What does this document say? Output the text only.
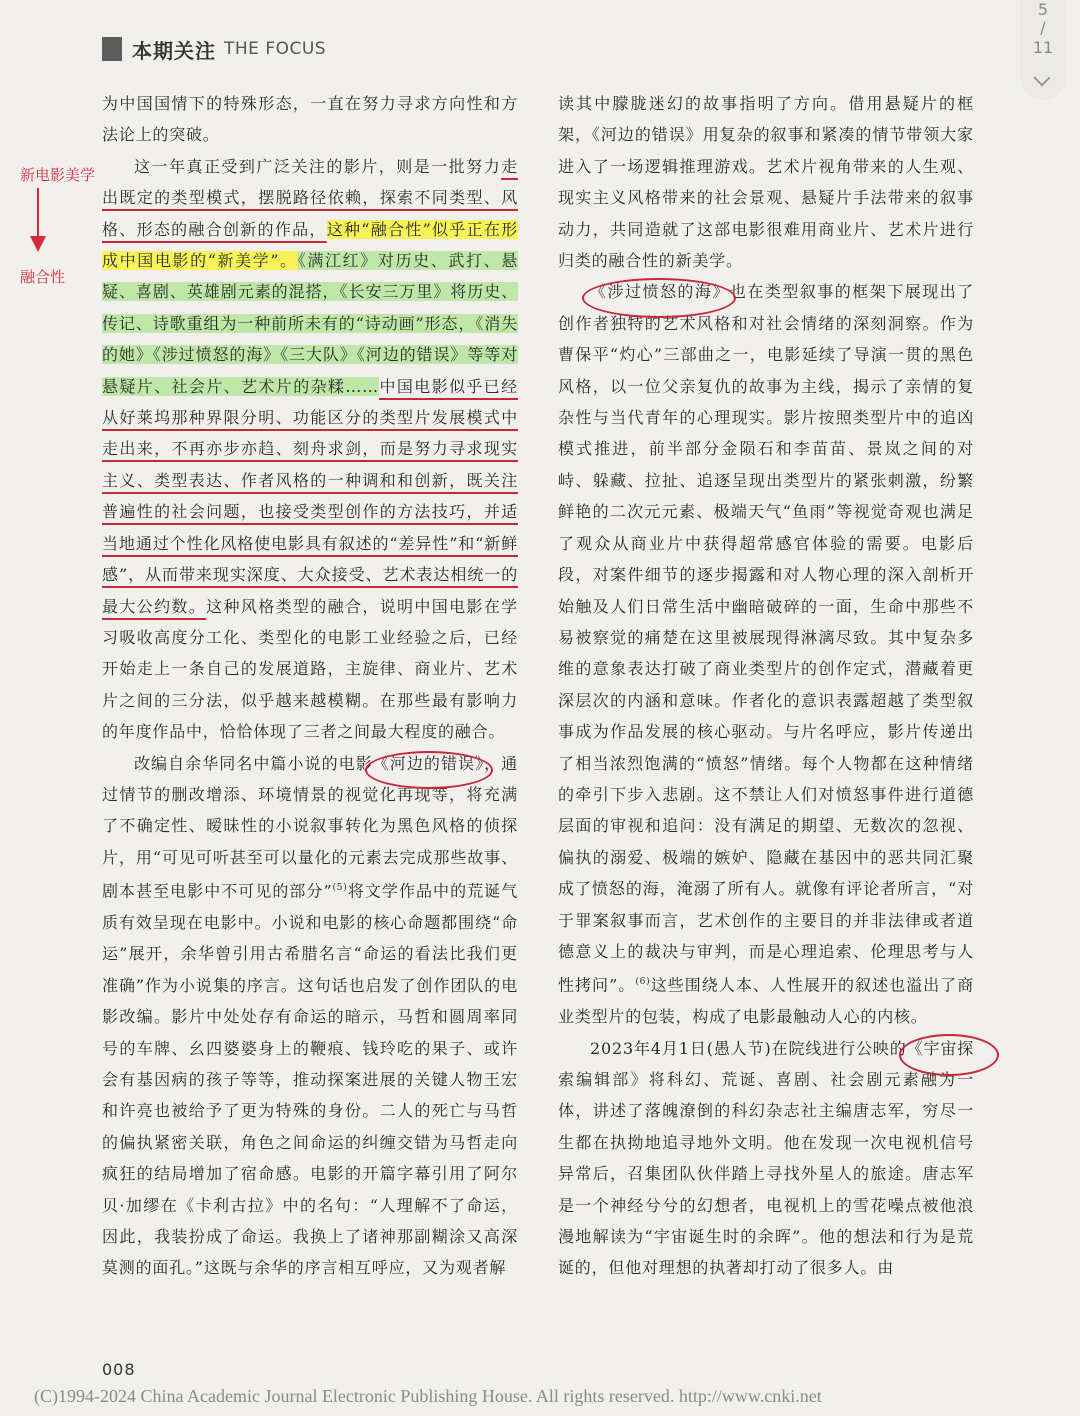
本期关注 THE FOCUS
5
/
11
新电影美学
融合性

为中国国情下的特殊形态，一直在努力寻求方向性和方法论上的突破。

这一年真正受到广泛关注的影片，则是一批努力走出既定的类型模式，摆脱路径依赖，探索不同类型、风格、形态的融合创新的作品，这种“融合性”似乎正在形成中国电影的“新美学”。《满江红》对历史、武打、悬疑、喜剧、英雄剧元素的混搭，《长安三万里》将历史、传记、诗歌重组为一种前所未有的“诗动画”形态，《消失的她》《涉过愤怒的海》《三大队》《河边的错误》等等对悬疑片、社会片、艺术片的杂糅……中国电影似乎已经从好莱坞那种界限分明、功能区分的类型片发展模式中走出来，不再亦步亦趋、刻舟求剑，而是努力寻求现实主义、类型表达、作者风格的一种调和和创新，既关注普遍性的社会问题，也接受类型创作的方法技巧，并适当地通过个性化风格使电影具有叙述的“差异性”和“新鲜感”，从而带来现实深度、大众接受、艺术表达相统一的最大公约数。这种风格类型的融合，说明中国电影在学习吸收高度分工化、类型化的电影工业经验之后，已经开始走上一条自己的发展道路，主旋律、商业片、艺术片之间的三分法，似乎越来越模糊。在那些最有影响力的年度作品中，恰恰体现了三者之间最大程度的融合。

改编自余华同名中篇小说的电影《河边的错误》
，通过情节的删改增添、环境情景的视觉化再现等，将充满了不确定性、暧昧性的小说叙事转化为黑色风格的侦探片，用“可见可听甚至可以量化的元素去完成那些故事、剧本甚至电影中不可见的部分”$^{(5)}$将文学作品中的荒诞气质有效呈现在电影中。小说和电影的核心命题都围绕“命运”展开，余华曾引用古希腊名言“命运的看法比我们更准确”作为小说集的序言。这句话也启发了创作团队的电影改编。影片中处处存有命运的暗示，马哲和圆周率同号的车牌、幺四婆婆身上的鞭痕、钱玲吃的果子、或许会有基因病的孩子等等，推动探案进展的关键人物王宏和许亮也被给予了更为特殊的身份。二人的死亡与马哲的偏执紧密关联，角色之间命运的纠缠交错为马哲走向疯狂的结局增加了宿命感。电影的开篇字幕引用了阿尔贝·加缪在《卡利古拉》中的名句：“人理解不了命运，因此，我装扮成了命运。我换上了诸神那副糊涂又高深莫测的面孔。”这既与余华的序言相互呼应，又为观者解

读其中朦胧迷幻的故事指明了方向。借用悬疑片的框架，《河边的错误》用复杂的叙事和紧凑的情节带领大家进入了一场逻辑推理游戏。艺术片视角带来的人生观、现实主义风格带来的社会景观、悬疑片手法带来的叙事动力，共同造就了这部电影很难用商业片、艺术片进行归类的融合性的新美学。

《涉过愤怒的海》
也在类型叙事的框架下展现出了创作者独特的艺术风格和对社会情绪的深刻洞察。作为曹保平“灼心”三部曲之一，电影延续了导演一贯的黑色风格，以一位父亲复仇的故事为主线，揭示了亲情的复杂性与当代青年的心理现实。影片按照类型片中的追凶模式推进，前半部分金陨石和李苗苗、景岚之间的对峙、躲藏、拉扯、追逐呈现出类型片的紧张刺激，纷繁鲜艳的二次元元素、极端天气“鱼雨”等视觉奇观也满足了观众从商业片中获得超常感官体验的需要。电影后段，对案件细节的逐步揭露和对人物心理的深入剖析开始触及人们日常生活中幽暗破碎的一面，生命中那些不易被察觉的痛楚在这里被展现得淋漓尽致。其中复杂多维的意象表达打破了商业类型片的创作定式，潜藏着更深层次的内涵和意味。作者化的意识表露超越了类型叙事成为作品发展的核心驱动。与片名呼应，影片传递出了相当浓烈饱满的“愤怒”情绪。每个人物都在这种情绪的牵引下步入悲剧。这不禁让人们对愤怒事件进行道德层面的审视和追问：没有满足的期望、无数次的忽视、偏执的溺爱、极端的嫉妒、隐藏在基因中的恶共同汇聚成了愤怒的海，淹溺了所有人。就像有评论者所言，“对于罪案叙事而言，艺术创作的主要目的并非法律或者道德意义上的裁决与审判，而是心理追索、伦理思考与人性拷问”。$^{(6)}$这些围绕人本、人性展开的叙述也溢出了商业类型片的包装，构成了电影最触动人心的内核。

2023年4月1日(愚人节)在院线进行公映的《宇宙探索编辑部》
将科幻、荒诞、喜剧、社会剧元素融为一体，讲述了落魄潦倒的科幻杂志社主编唐志军，穷尽一生都在执拗地追寻地外文明。他在发现一次电视机信号异常后，召集团队伙伴踏上寻找外星人的旅途。唐志军是一个神经兮兮的幻想者，电视机上的雪花噪点被他浪漫地解读为“宇宙诞生时的余晖”。他的想法和行为是荒诞的，但他对理想的执著却打动了很多人。由

008
(C)1994-2024 China Academic Journal Electronic Publishing House. All rights reserved. http://www.cnki.net
